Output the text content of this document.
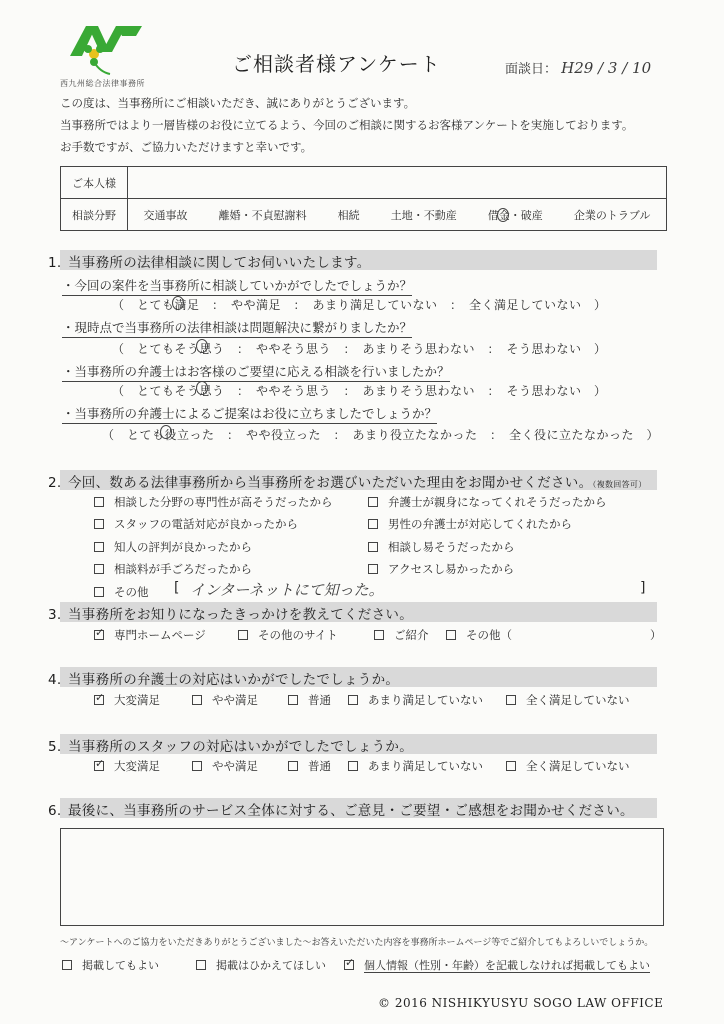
西九州総合法律事務所
ご相談者様アンケート	面談日： H29 / 3 / 10
この度は、当事務所にご相談いただき、誠にありがとうございます。
当事務所ではより一層皆様のお役に立てるよう、今回のご相談に関するお客様アンケートを実施しております。
お手数ですが、ご協力いただけますと幸いです。
ご本人様	
相談分野	交通事故	離婚・不貞慰謝料	相続	土地・不動産	借金・破産	企業のトラブル
1. 当事務所の法律相談に関してお伺いいたします。
・今回の案件を当事務所に相談していかがでしたでしょうか？
（　とても満足　：　やや満足　：　あまり満足していない　：　全く満足していない　）
・現時点で当事務所の法律相談は問題解決に繋がりましたか？
（　とてもそう思う　：　ややそう思う　：　あまりそう思わない　：　そう思わない　）
・当事務所の弁護士はお客様のご要望に応える相談を行いましたか？
（　とてもそう思う　：　ややそう思う　：　あまりそう思わない　：　そう思わない　）
・当事務所の弁護士によるご提案はお役に立ちましたでしょうか？
（　とても役立った　：　やや役立った　：　あまり役立たなかった　：　全く役に立たなかった　）
2. 今回、数ある法律事務所から当事務所をお選びいただいた理由をお聞かせください。（複数回答可）
相談した分野の専門性が高そうだったから
スタッフの電話対応が良かったから
知人の評判が良かったから
相談料が手ごろだったから
その他 [ インターネットにて知った。	]
弁護士が親身になってくれそうだったから
男性の弁護士が対応してくれたから
相談し易そうだったから
アクセスし易かったから
3. 当事務所をお知りになったきっかけを教えてください。
✓専門ホームページ	その他のサイト	ご紹介	その他（	）
4. 当事務所の弁護士の対応はいかがでしたでしょうか。
✓大変満足	やや満足	普通	あまり満足していない	全く満足していない
5. 当事務所のスタッフの対応はいかがでしたでしょうか。
✓大変満足	やや満足	普通	あまり満足していない	全く満足していない
6. 最後に、当事務所のサービス全体に対する、ご意見・ご要望・ご感想をお聞かせください。
～アンケートへのご協力をいただきありがとうございました～お答えいただいた内容を事務所ホームページ等でご紹介してもよろしいでしょうか。
掲載してもよい	掲載はひかえてほしい
✓	個人情報（性別・年齢）を記載しなければ掲載してもよい
© 2016 NISHIKYUSYU SOGO LAW OFFICE
